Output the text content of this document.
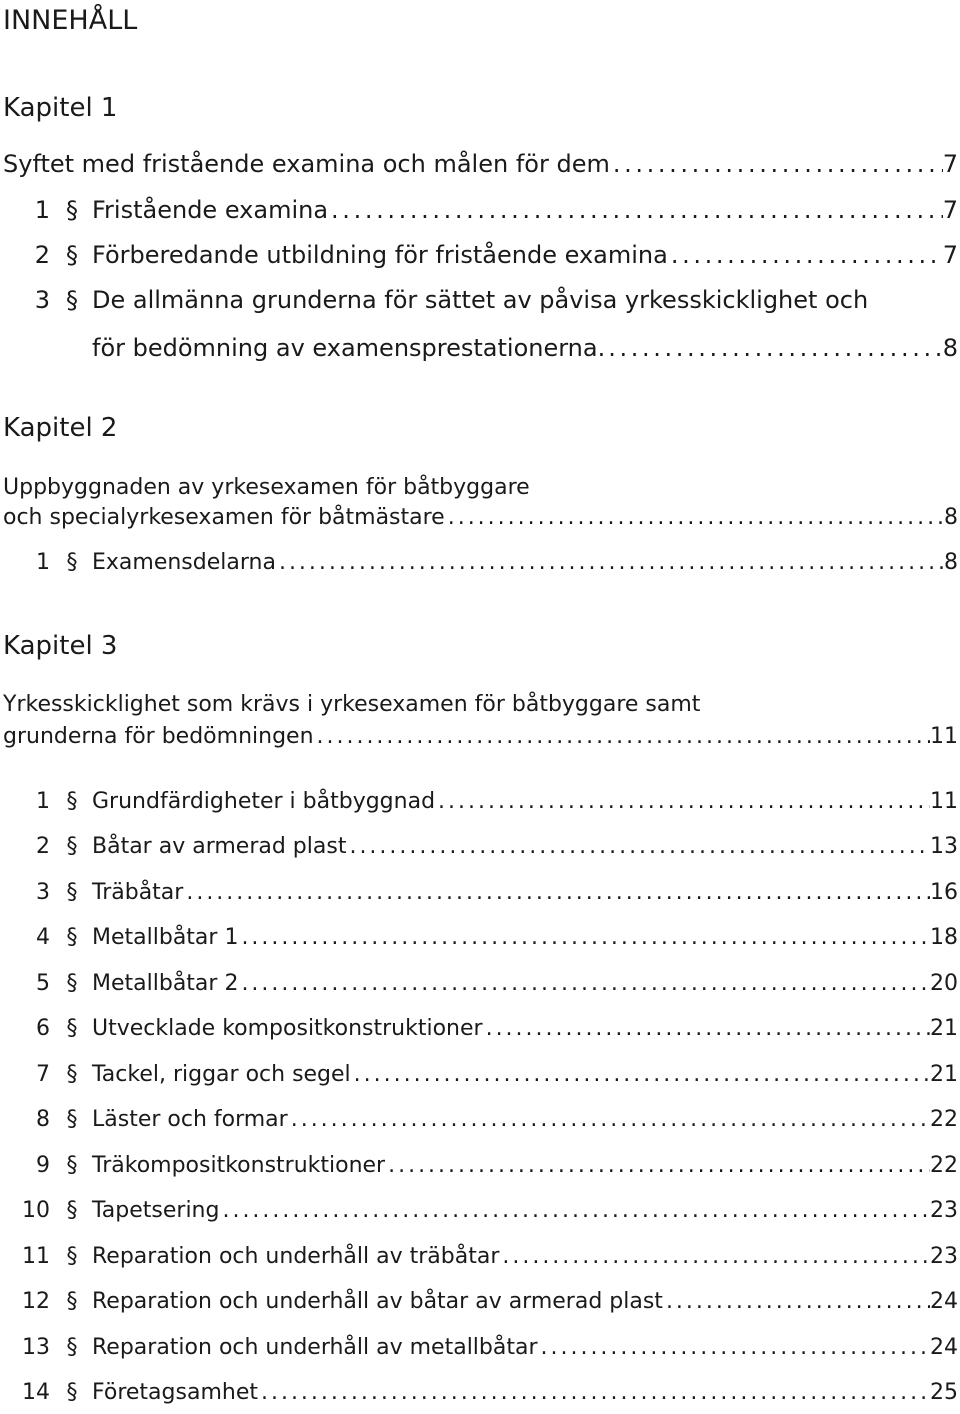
INNEHÅLL
Kapitel 1
Syftet med fristående examina och målen för dem . . .	7
1 § Fristående examina . . .	7
2 § Förberedande utbildning för fristående examina . . .	7
3 § De allmänna grunderna för sättet av påvisa yrkesskicklighet och
för bedömning av examensprestationerna. . . .	8
Kapitel 2
Uppbyggnaden av yrkesexamen för båtbyggare
och specialyrkesexamen för båtmästare . . .	8
1 § Examensdelarna . . .	8
Kapitel 3
Yrkesskicklighet som krävs i yrkesexamen för båtbyggare samt
grunderna för bedömningen . . .	11
1 § Grundfärdigheter i båtbyggnad . . .	11
2 § Båtar av armerad plast . . .	13
3 § Träbåtar . . .	16
4 § Metallbåtar 1 . . .	18
5 § Metallbåtar 2 . . .	20
6 § Utvecklade kompositkonstruktioner . . .	21
7 § Tackel, riggar och segel . . .	21
8 § Läster och formar . . .	22
9 § Träkompositkonstruktioner . . .	22
10 § Tapetsering . . .	23
11 § Reparation och underhåll av träbåtar . . .	23
12 § Reparation och underhåll av båtar av armerad plast . . .	24
13 § Reparation och underhåll av metallbåtar . . .	24
14 § Företagsamhet . . .	25
